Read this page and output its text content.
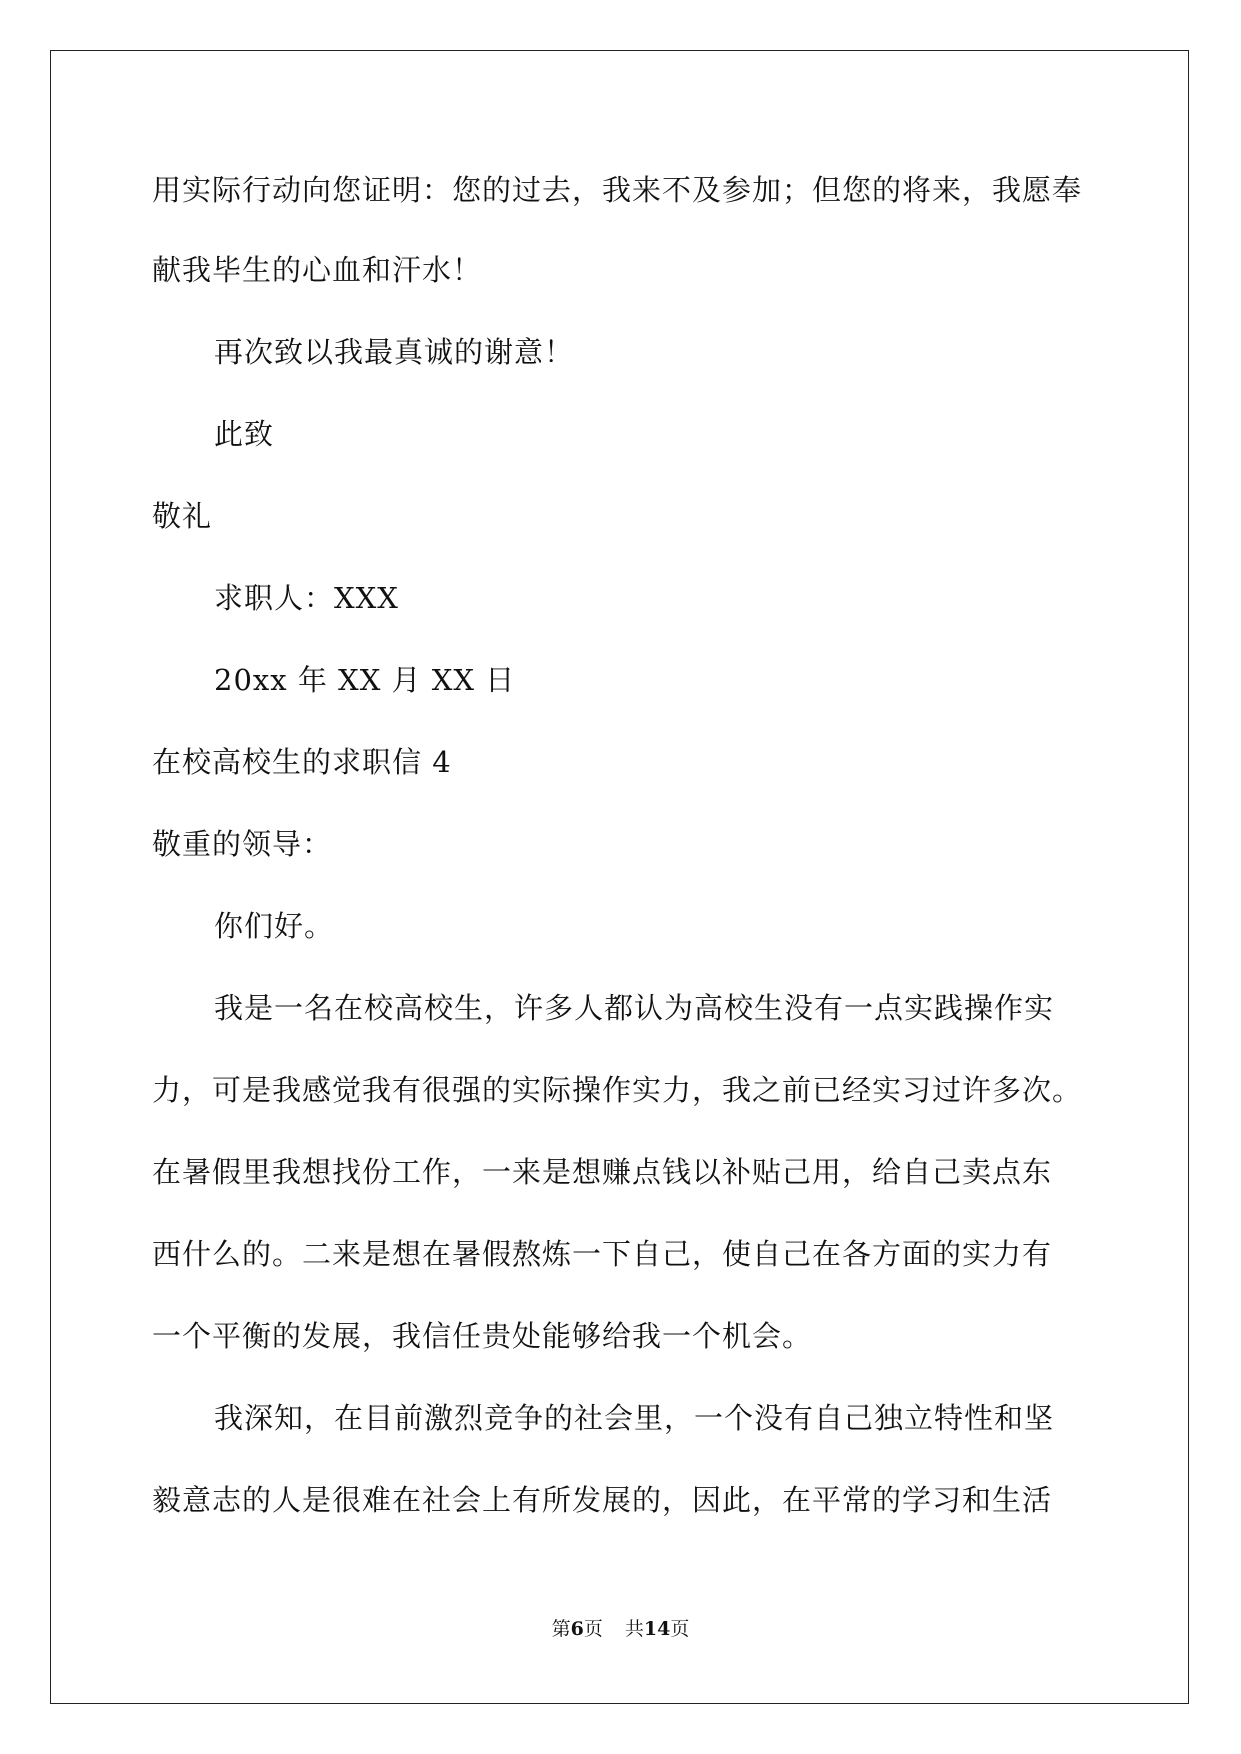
用实际行动向您证明：您的过去，我来不及参加；但您的将来，我愿奉
献我毕生的心血和汗水！
再次致以我最真诚的谢意！
此致
敬礼
求职人：XXX
20xx 年 XX 月 XX 日
在校高校生的求职信 4
敬重的领导：
你们好。
我是一名在校高校生，许多人都认为高校生没有一点实践操作实
力，可是我感觉我有很强的实际操作实力，我之前已经实习过许多次。
在暑假里我想找份工作，一来是想赚点钱以补贴己用，给自己卖点东
西什么的。二来是想在暑假熬炼一下自己，使自己在各方面的实力有
一个平衡的发展，我信任贵处能够给我一个机会。
我深知，在目前激烈竞争的社会里，一个没有自己独立特性和坚
毅意志的人是很难在社会上有所发展的，因此，在平常的学习和生活
第6页 共14页
